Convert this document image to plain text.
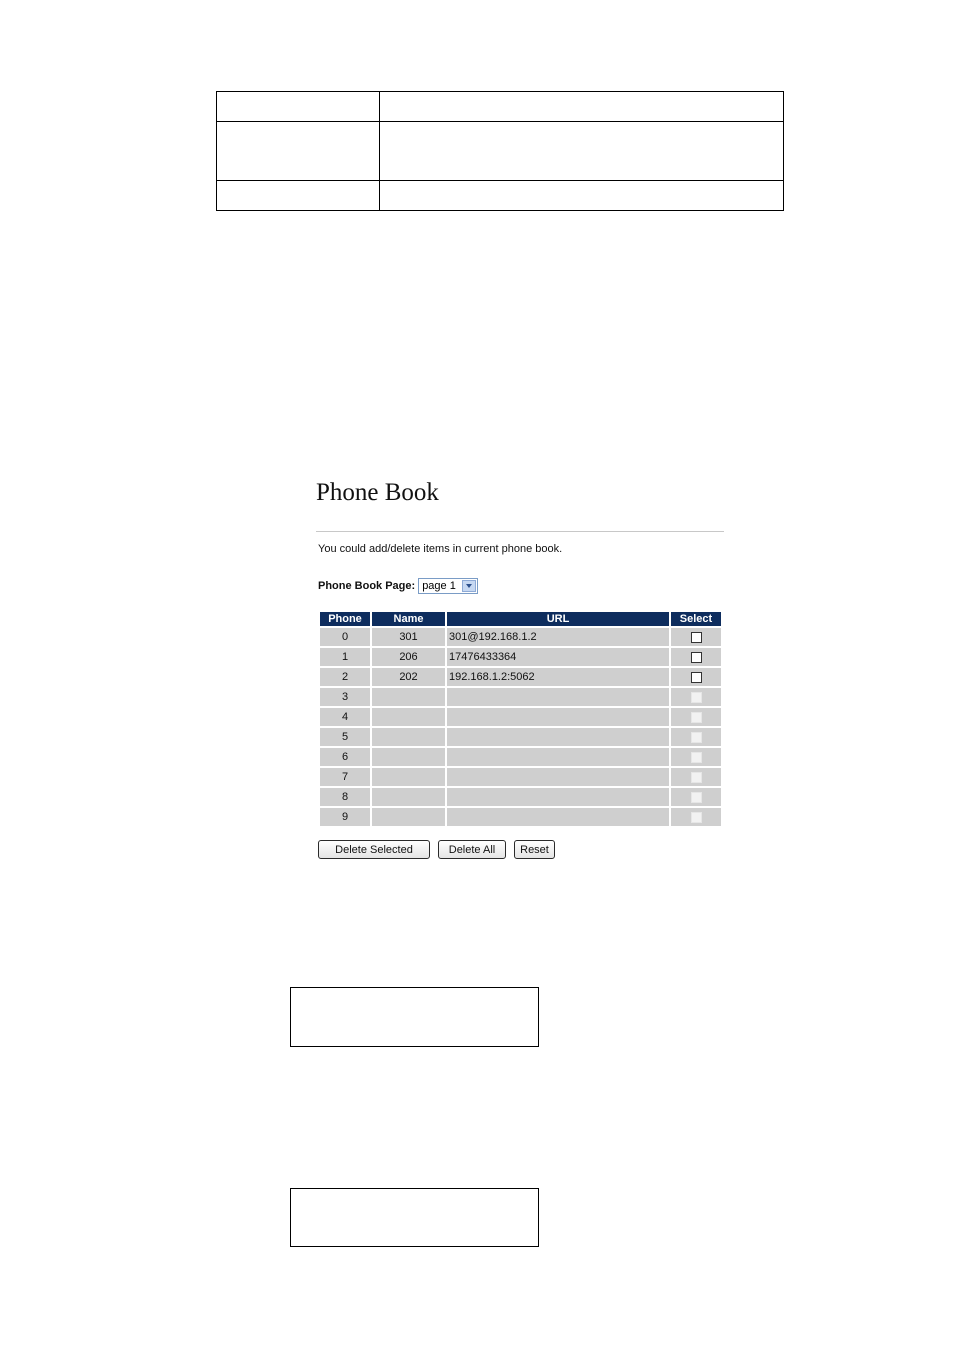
Phone Book
You could add/delete items in current phone book.
Phone Book Page: page 1
Phone	Name	URL	Select
0	301	301@192.168.1.2	
1	206	17476433364	
2	202	192.168.1.2:5062	
3			
4			
5			
6			
7			
8			
9			
Delete Selected	Delete All	Reset
